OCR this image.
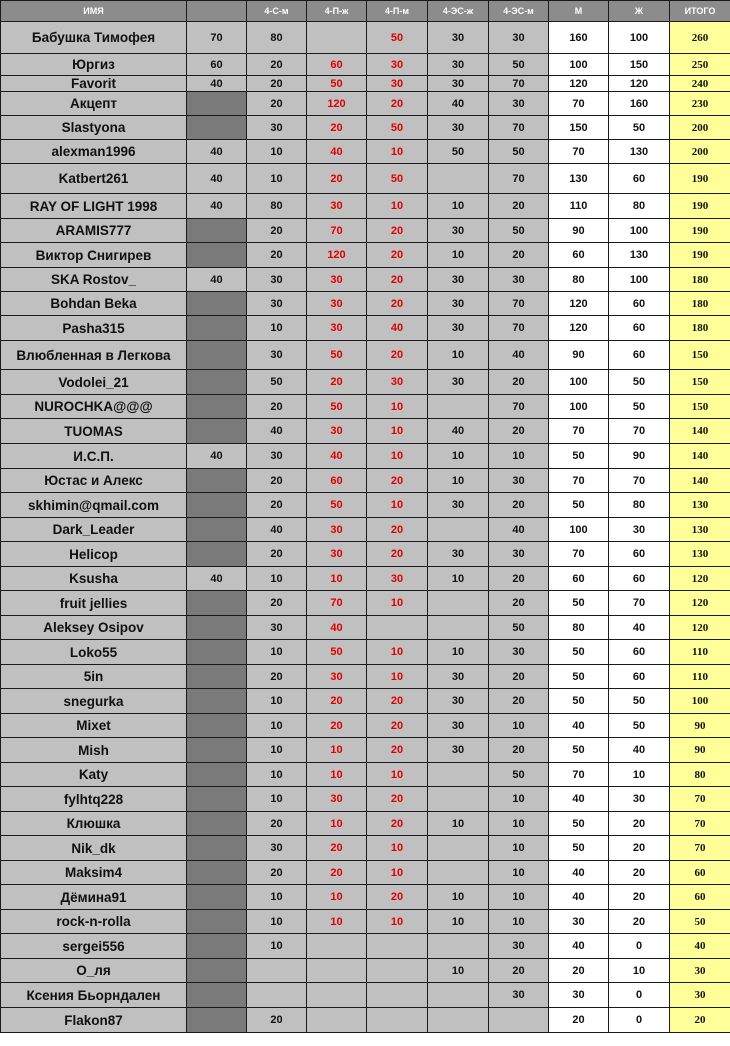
ИМЯ		4-С-м	4-П-ж	4-П-м	4-ЭС-ж	4-ЭС-м	М	Ж	ИТОГО
Бабушка Тимофея	70	80		50	30	30	160	100	260
Юргиз	60	20	60	30	30	50	100	150	250
Favorit	40	20	50	30	30	70	120	120	240
Акцепт		20	120	20	40	30	70	160	230
Slastyona		30	20	50	30	70	150	50	200
alexman1996	40	10	40	10	50	50	70	130	200
Katbert261	40	10	20	50		70	130	60	190
RAY OF LIGHT 1998	40	80	30	10	10	20	110	80	190
ARAMIS777		20	70	20	30	50	90	100	190
Виктор Снигирев		20	120	20	10	20	60	130	190
SKA Rostov_	40	30	30	20	30	30	80	100	180
Bohdan Beka		30	30	20	30	70	120	60	180
Pasha315		10	30	40	30	70	120	60	180
Влюбленная в Легкова		30	50	20	10	40	90	60	150
Vodolei_21		50	20	30	30	20	100	50	150
NUROCHKA@@@		20	50	10		70	100	50	150
TUOMAS		40	30	10	40	20	70	70	140
И.С.П.	40	30	40	10	10	10	50	90	140
Юстас и Алекс		20	60	20	10	30	70	70	140
skhimin@qmail.com		20	50	10	30	20	50	80	130
Dark_Leader		40	30	20		40	100	30	130
Helicop		20	30	20	30	30	70	60	130
Ksusha	40	10	10	30	10	20	60	60	120
fruit jellies		20	70	10		20	50	70	120
Aleksey Osipov		30	40			50	80	40	120
Loko55		10	50	10	10	30	50	60	110
5in		20	30	10	30	20	50	60	110
snegurka		10	20	20	30	20	50	50	100
Mixet		10	20	20	30	10	40	50	90
Mish		10	10	20	30	20	50	40	90
Katy		10	10	10		50	70	10	80
fylhtq228		10	30	20		10	40	30	70
Клюшка		20	10	20	10	10	50	20	70
Nik_dk		30	20	10		10	50	20	70
Maksim4		20	20	10		10	40	20	60
Дёмина91		10	10	20	10	10	40	20	60
rock-n-rolla		10	10	10	10	10	30	20	50
sergei556		10				30	40	0	40
О_ля					10	20	20	10	30
Ксения Бьорндален						30	30	0	30
Flakon87		20					20	0	20
